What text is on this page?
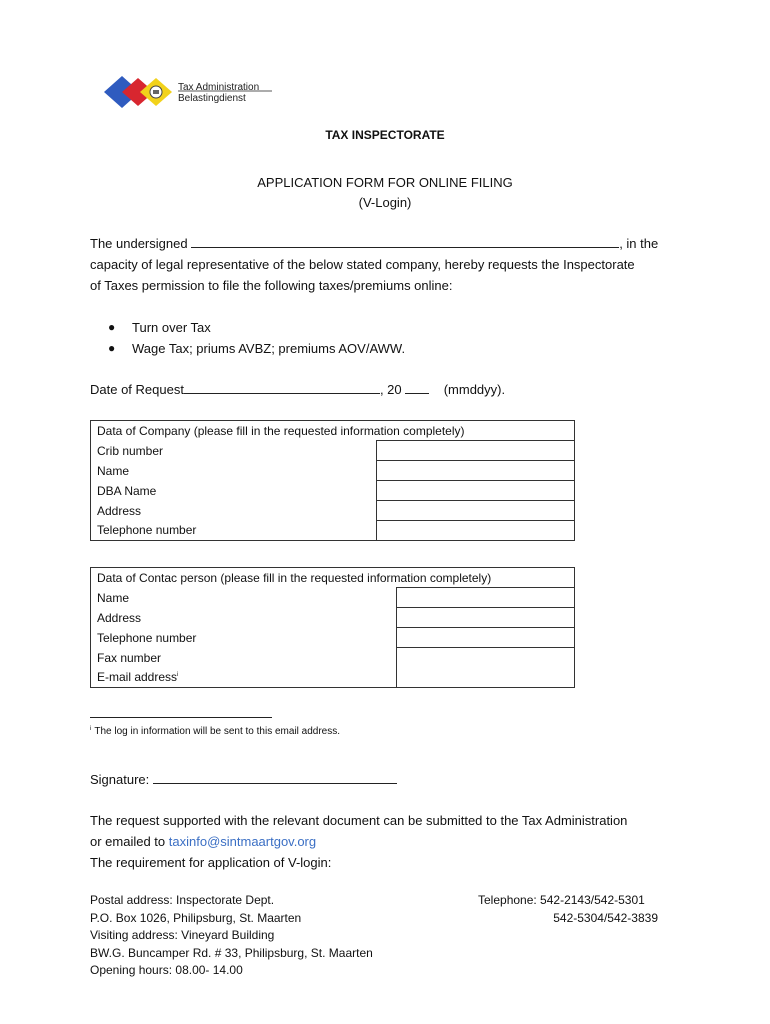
Tax Administration
Belastingdienst
TAX INSPECTORATE
APPLICATION FORM FOR ONLINE FILING
(V-Login)
The undersigned	, in the
capacity of legal representative of the below stated company, hereby requests the Inspectorate
of Taxes permission to file the following taxes/premiums online:
●	Turn over Tax
●	Wage Tax; priums AVBZ; premiums AOV/AWW.
Date of Request	, 20	(mmddyy).
Data of Company (please fill in the requested information completely)	
Crib number	
Name	
DBA Name	
Address	
Telephone number	
Data of Contac person (please fill in the requested information completely)	
Name	
Address	
Telephone number	
Fax number	
E-mail address$^i$
$^i$ The log in information will be sent to this email address.
Signature:
The request supported with the relevant document can be submitted to the Tax Administration
or emailed to taxinfo@sintmaartgov.org
The requirement for application of V-login:
Postal address: Inspectorate Dept.
P.O. Box 1026, Philipsburg, St. Maarten
Visiting address: Vineyard Building
BW.G. Buncamper Rd. # 33, Philipsburg, St. Maarten
Opening hours: 08.00- 14.00
Telephone: 542-2143/542-5301
542-5304/542-3839
